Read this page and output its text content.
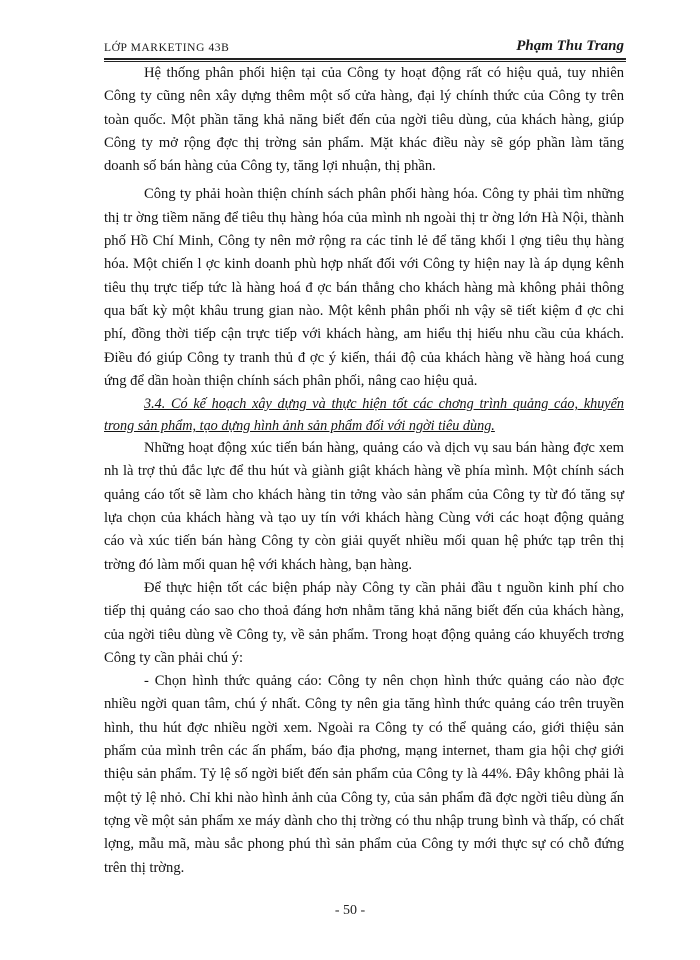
LỚP MARKETING 43B	Phạm Thu Trang

Hệ thống phân phối hiện tại của Công ty hoạt động rất có hiệu quả, tuy nhiên Công ty cũng nên xây dựng thêm một số cửa hàng, đại lý chính thức của Công ty trên toàn quốc. Một phần tăng khả năng biết đến của ngời tiêu dùng, của khách hàng, giúp Công ty mở rộng đợc thị trờng sản phẩm. Mặt khác điều này sẽ góp phần làm tăng doanh số bán hàng của Công ty, tăng lợi nhuận, thị phần.

Công ty phải hoàn thiện chính sách phân phối hàng hóa. Công ty phải tìm những thị tr ờng tiềm năng để tiêu thụ hàng hóa của mình nh ngoài thị tr ờng lớn Hà Nội, thành phố Hồ Chí Minh, Công ty nên mở rộng ra các tỉnh lẻ để tăng khối l ợng tiêu thụ hàng hóa. Một chiến l ợc kinh doanh phù hợp nhất đối với Công ty hiện nay là áp dụng kênh tiêu thụ trực tiếp tức là hàng hoá đ ợc bán thẳng cho khách hàng mà không phải thông qua bất kỳ một khâu trung gian nào. Một kênh phân phối nh vậy sẽ tiết kiệm đ ợc chi phí, đồng thời tiếp cận trực tiếp với khách hàng, am hiểu thị hiếu nhu cầu của khách. Điều đó giúp Công ty tranh thủ đ ợc ý kiến, thái độ của khách hàng về hàng hoá cung ứng để dần hoàn thiện chính sách phân phối, nâng cao hiệu quả.

3.4. Có kế hoạch xây dựng và thực hiện tốt các chơng trình quảng cáo, khuyến trong sản phẩm, tạo dựng hình ảnh sản phẩm đối với ngời tiêu dùng.

Những hoạt động xúc tiến bán hàng, quảng cáo và dịch vụ sau bán hàng đợc xem nh là trợ thủ đắc lực để thu hút và giành giật khách hàng về phía mình. Một chính sách quảng cáo tốt sẽ làm cho khách hàng tin tởng vào sản phẩm của Công ty từ đó tăng sự lựa chọn của khách hàng và tạo uy tín với khách hàng Cùng với các hoạt động quảng cáo và xúc tiến bán hàng Công ty còn giải quyết nhiều mối quan hệ phức tạp trên thị trờng đó làm mối quan hệ với khách hàng, bạn hàng.

Để thực hiện tốt các biện pháp này Công ty cần phải đầu t nguồn kinh phí cho tiếp thị quảng cáo sao cho thoả đáng hơn nhằm tăng khả năng biết đến của khách hàng, của ngời tiêu dùng về Công ty, về sản phẩm. Trong hoạt động quảng cáo khuyếch trơng Công ty cần phải chú ý:

- Chọn hình thức quảng cáo: Công ty nên chọn hình thức quảng cáo nào đợc nhiều ngời quan tâm, chú ý nhất. Công ty nên gia tăng hình thức quảng cáo trên truyền hình, thu hút đợc nhiều ngời xem. Ngoài ra Công ty có thể quảng cáo, giới thiệu sản phẩm của mình trên các ấn phẩm, báo địa phơng, mạng internet, tham gia hội chợ giới thiệu sản phẩm. Tỷ lệ số ngời biết đến sản phẩm của Công ty là 44%. Đây không phải là một tỷ lệ nhỏ. Chỉ khi nào hình ảnh của Công ty, của sản phẩm đã đợc ngời tiêu dùng ấn tợng về một sản phẩm xe máy dành cho thị trờng có thu nhập trung bình và thấp, có chất lợng, mẫu mã, màu sắc phong phú thì sản phẩm của Công ty mới thực sự có chỗ đứng trên thị trờng.

- 50 -
